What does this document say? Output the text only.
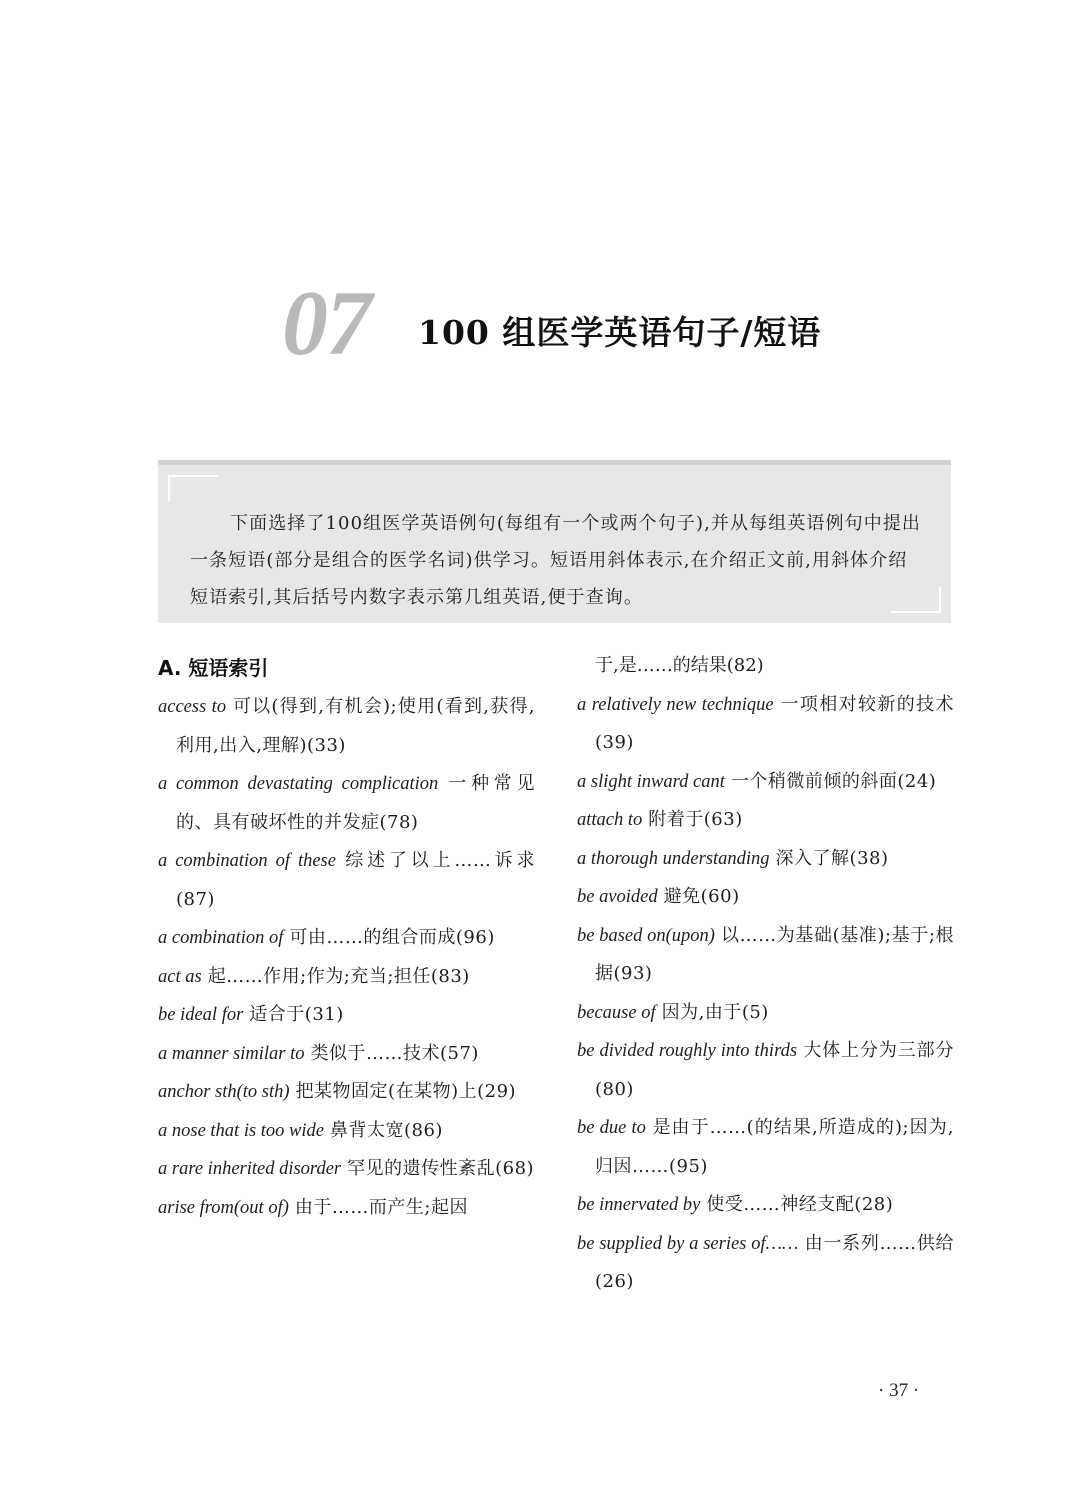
07 100 组医学英语句子/短语

下面选择了100组医学英语例句(每组有一个或两个句子),并从每组英语例句中提出一条短语(部分是组合的医学名词)供学习。短语用斜体表示,在介绍正文前,用斜体介绍短语索引,其后括号内数字表示第几组英语,便于查询。

A. 短语索引

access to 可以(得到,有机会);使用(看到,获得,利用,出入,理解)(33)

a common devastating complication 一种常见的、具有破坏性的并发症(78)

a combination of these 综述了以上……诉求(87)

a combination of 可由……的组合而成(96)

act as 起……作用;作为;充当;担任(83)

be ideal for 适合于(31)

a manner similar to 类似于……技术(57)

anchor sth(to sth) 把某物固定(在某物)上(29)

a nose that is too wide 鼻背太宽(86)

a rare inherited disorder 罕见的遗传性紊乱(68)

arise from(out of) 由于……而产生;起因

于,是……的结果(82)

a relatively new technique 一项相对较新的技术(39)

a slight inward cant 一个稍微前倾的斜面(24)

attach to 附着于(63)

a thorough understanding 深入了解(38)

be avoided 避免(60)

be based on(upon) 以……为基础(基准);基于;根据(93)

because of 因为,由于(5)

be divided roughly into thirds 大体上分为三部分(80)

be due to 是由于……(的结果,所造成的);因为,归因……(95)

be innervated by 使受……神经支配(28)

be supplied by a series of…… 由一系列……供给(26)

· 37 ·
